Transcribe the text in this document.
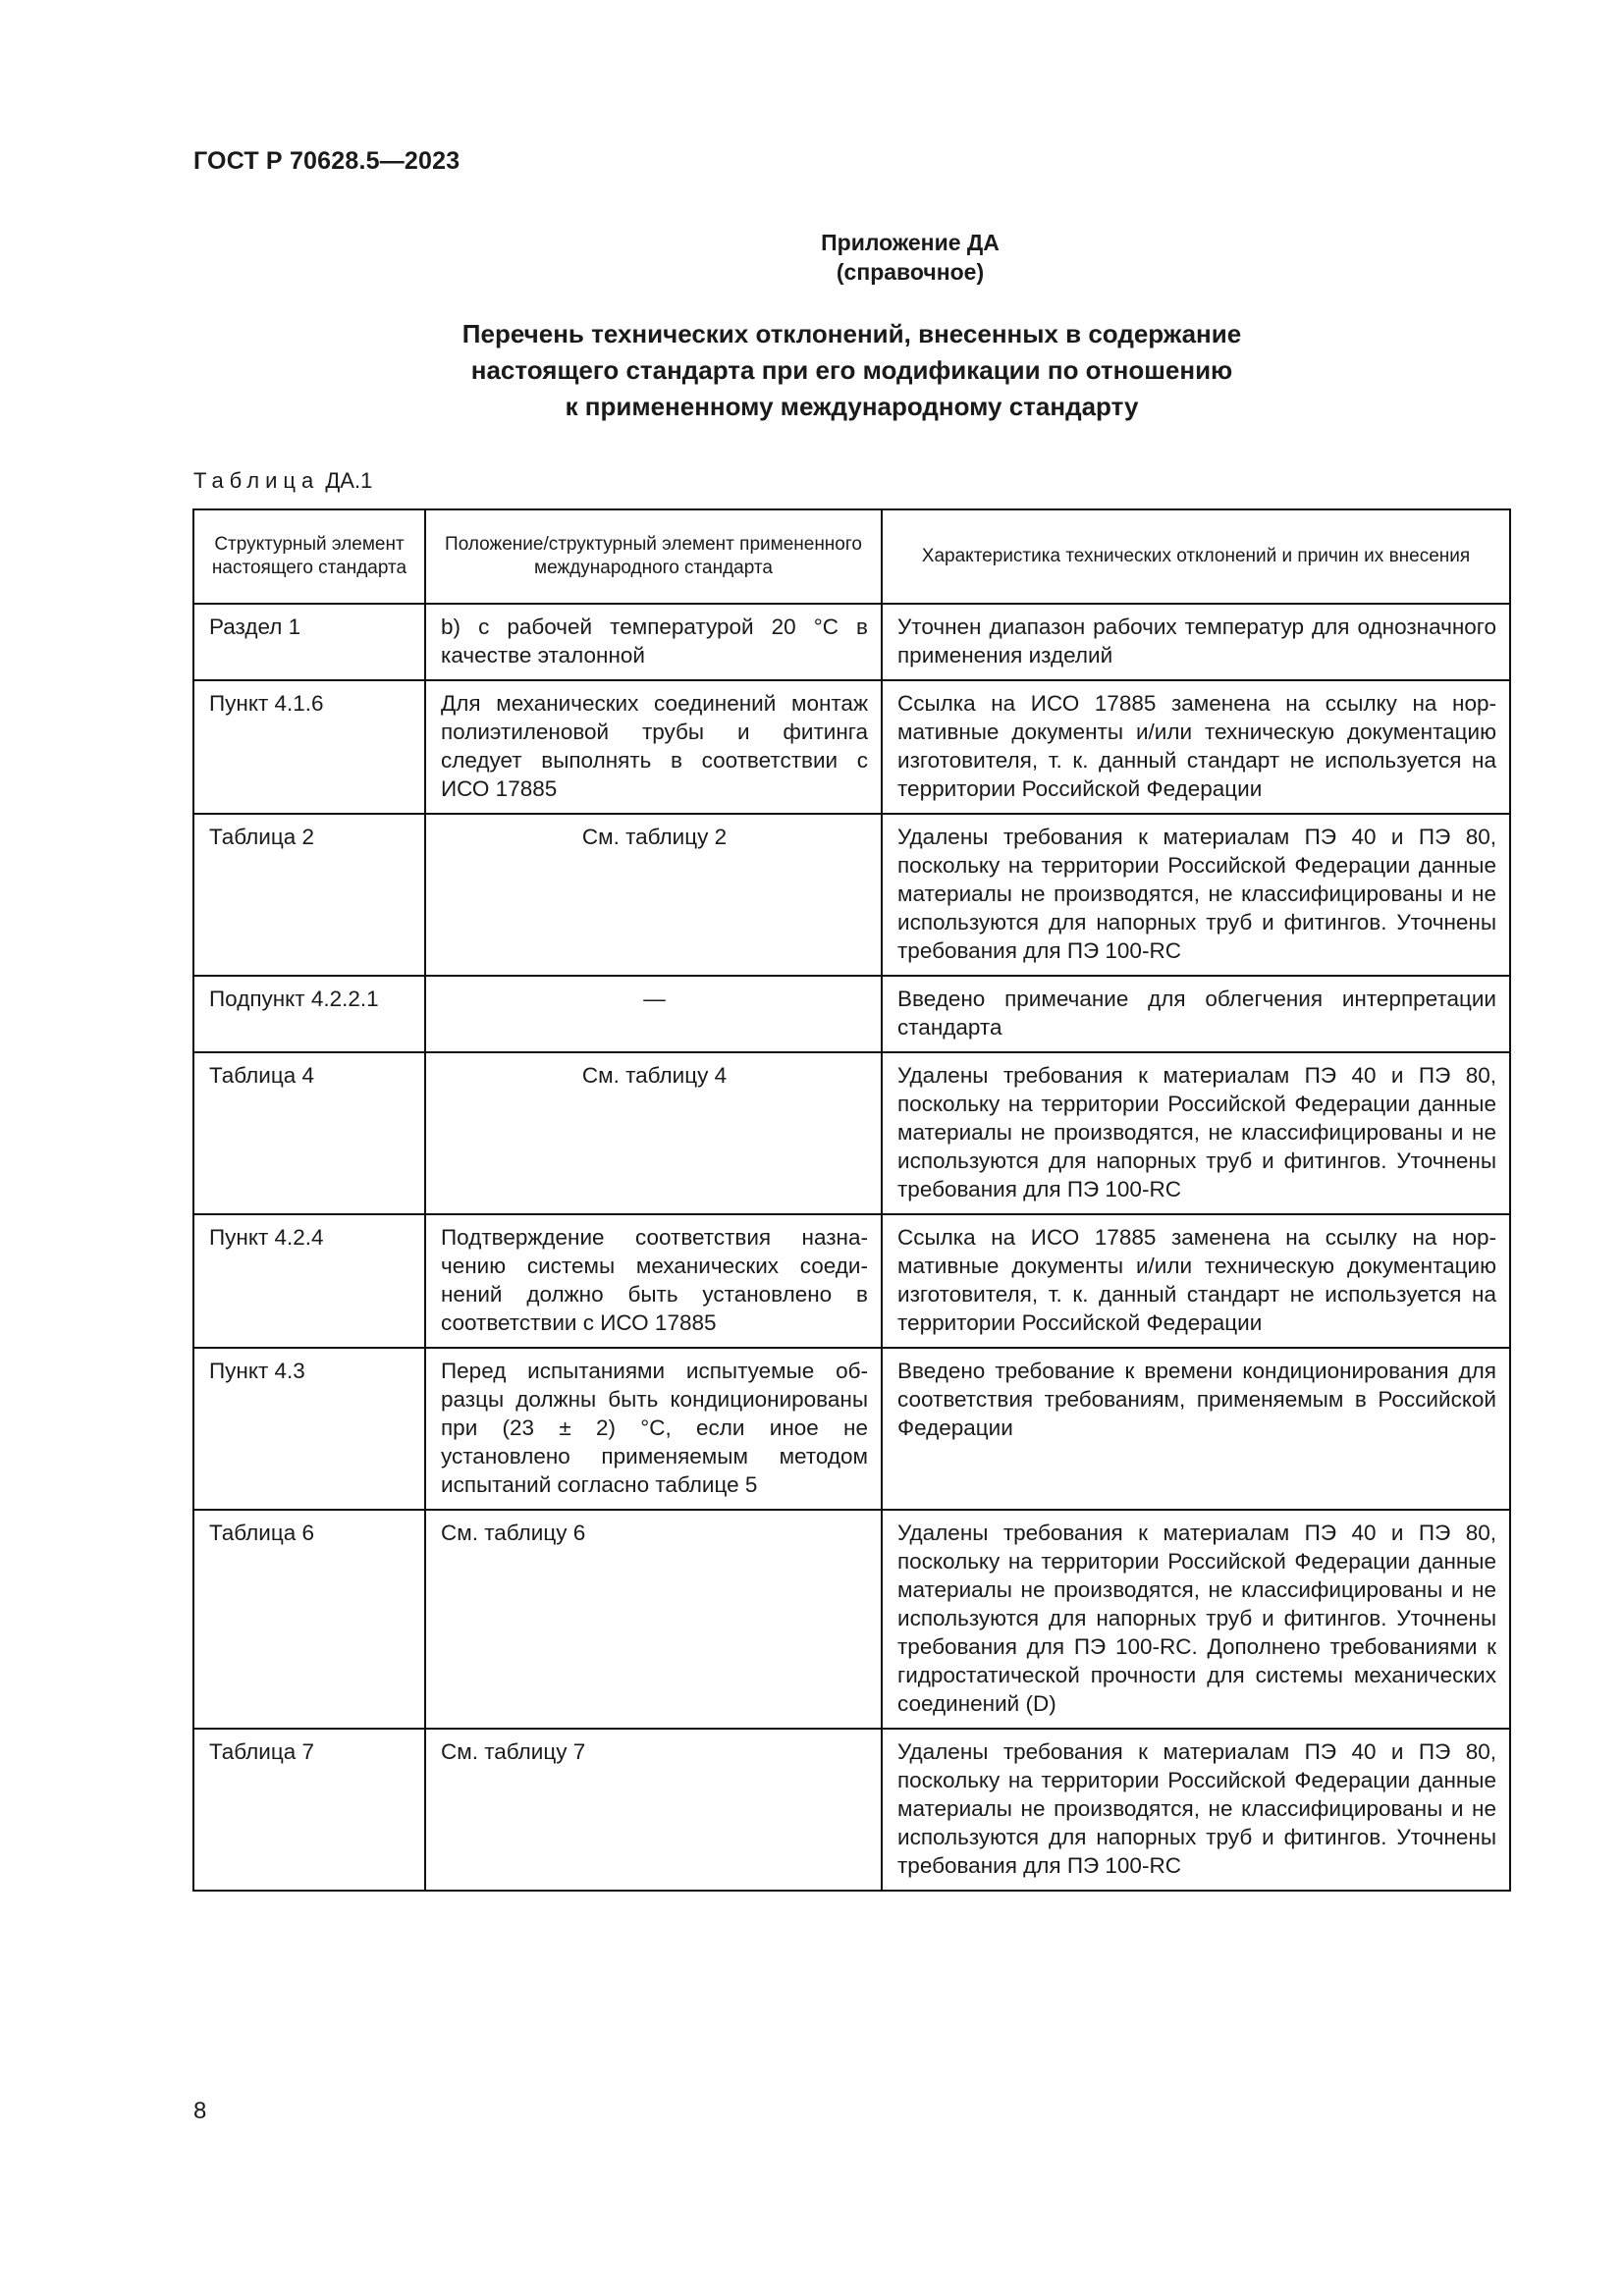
ГОСТ Р 70628.5—2023
Приложение ДА
(справочное)
Перечень технических отклонений, внесенных в содержание
настоящего стандарта при его модификации по отношению
к примененному международному стандарту
Таблица ДА.1
Структурный элемент настоящего стандарта	Положение/структурный элемент примененного международного стандарта	Характеристика технических отклонений и причин их внесения
Раздел 1	b) с рабочей температурой 20 °С в качестве эталонной	Уточнен диапазон рабочих температур для однозначного применения изделий
Пункт 4.1.6	Для механических соединений монтаж полиэтиленовой трубы и фитинга следует выполнять в соответствии с ИСО 17885	Ссылка на ИСО 17885 заменена на ссылку на нормативные документы и/или техническую документацию изготовителя, т. к. данный стандарт не используется на территории Российской Федерации
Таблица 2	См. таблицу 2	Удалены требования к материалам ПЭ 40 и ПЭ 80, поскольку на территории Российской Федерации данные материалы не производятся, не классифицированы и не используются для напорных труб и фитингов. Уточнены требования для ПЭ 100-RC
Подпункт 4.2.2.1	—	Введено примечание для облегчения интерпретации стандарта
Таблица 4	См. таблицу 4	Удалены требования к материалам ПЭ 40 и ПЭ 80, поскольку на территории Российской Федерации данные материалы не производятся, не классифицированы и не используются для напорных труб и фитингов. Уточнены требования для ПЭ 100-RC
Пункт 4.2.4	Подтверждение соответствия назначению системы механических соединений должно быть установлено в соответствии с ИСО 17885	Ссылка на ИСО 17885 заменена на ссылку на нормативные документы и/или техническую документацию изготовителя, т. к. данный стандарт не используется на территории Российской Федерации
Пункт 4.3	Перед испытаниями испытуемые образцы должны быть кондиционированы при (23 ± 2) °С, если иное не установлено применяемым методом испытаний согласно таблице 5	Введено требование к времени кондиционирования для соответствия требованиям, применяемым в Российской Федерации
Таблица 6	См. таблицу 6	Удалены требования к материалам ПЭ 40 и ПЭ 80, поскольку на территории Российской Федерации данные материалы не производятся, не классифицированы и не используются для напорных труб и фитингов. Уточнены требования для ПЭ 100-RC. Дополнено требованиями к гидростатической прочности для системы механических соединений (D)
Таблица 7	См. таблицу 7	Удалены требования к материалам ПЭ 40 и ПЭ 80, поскольку на территории Российской Федерации данные материалы не производятся, не классифицированы и не используются для напорных труб и фитингов. Уточнены требования для ПЭ 100-RC
8
